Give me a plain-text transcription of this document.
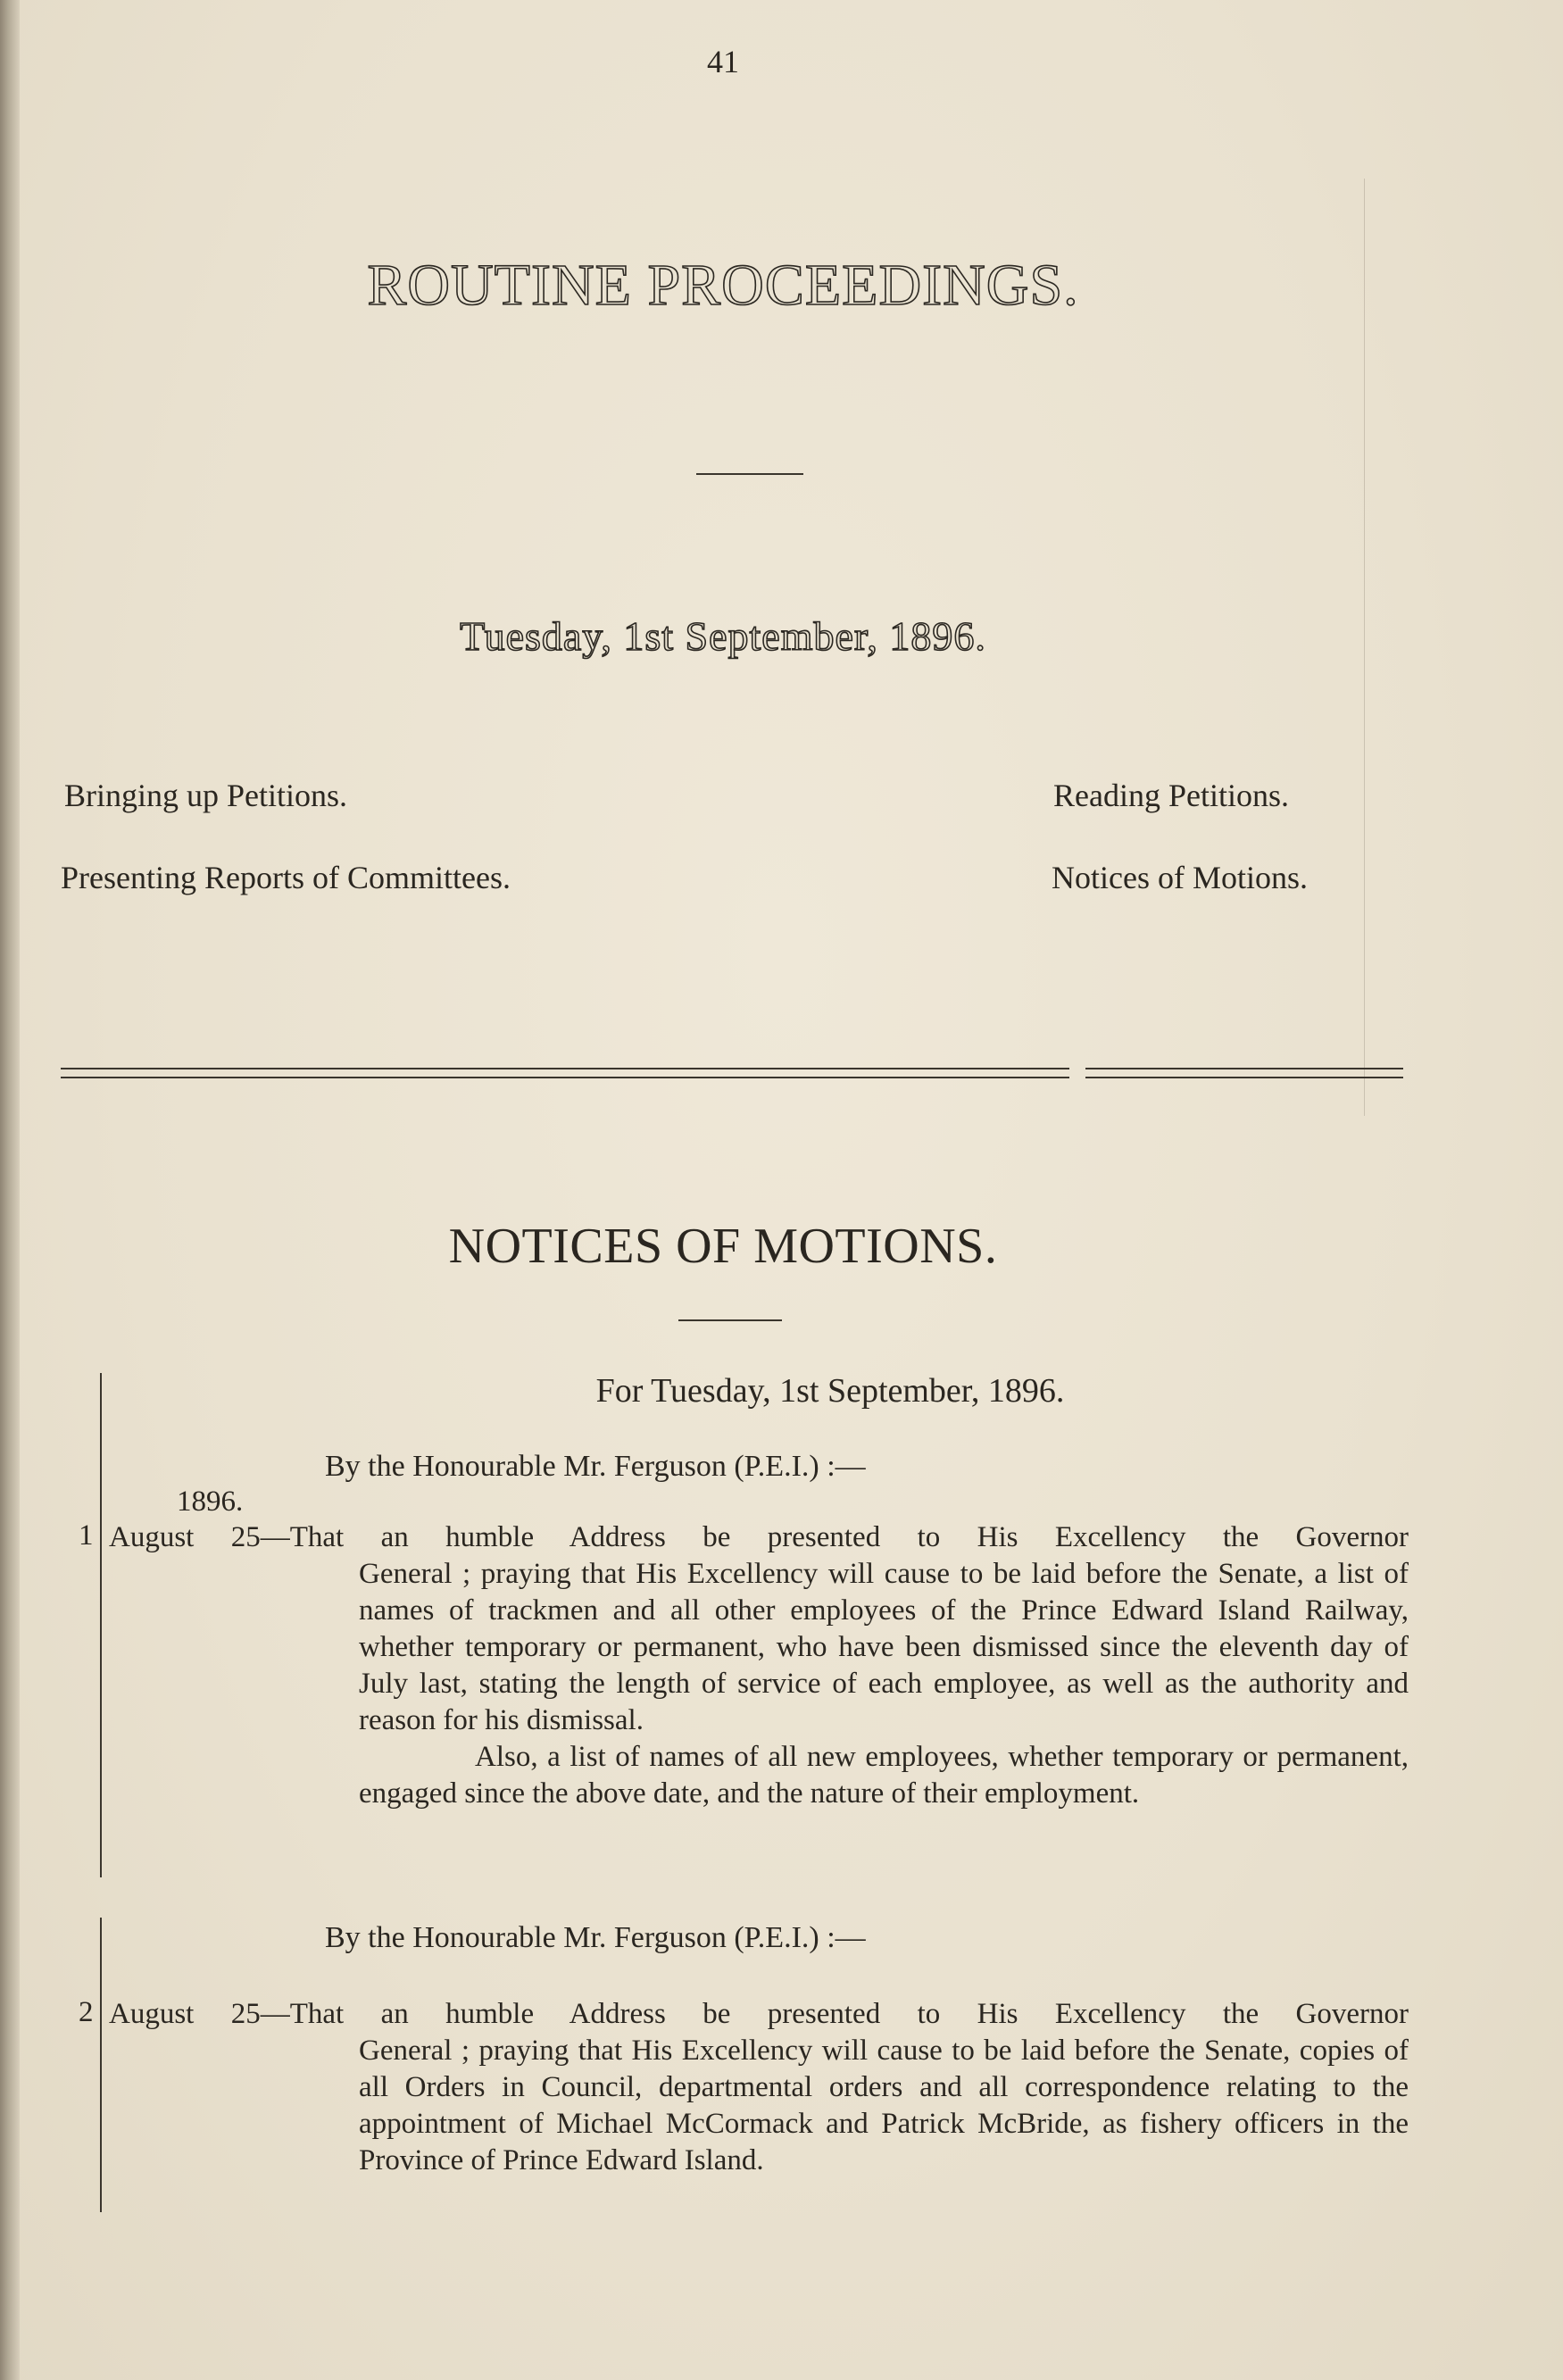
41
ROUTINE PROCEEDINGS.
Tuesday, 1st September, 1896.
Bringing up Petitions.	Reading Petitions.
Presenting Reports of Committees.	Notices of Motions.
NOTICES OF MOTIONS.
For Tuesday, 1st September, 1896.
By the Honourable Mr. Ferguson (P.E.I.) :—
1896.
1 August 25—That an humble Address be presented to His Excellency the Governor
General ; praying that His Excellency will cause to be laid before the Senate, a list of names of trackmen and all other employees of the Prince Edward Island Railway, whether temporary or permanent, who have been dismissed since the eleventh day of July last, stating the length of service of each employee, as well as the authority and reason for his dismissal.
Also, a list of names of all new employees, whether temporary or permanent, engaged since the above date, and the nature of their employment.
By the Honourable Mr. Ferguson (P.E.I.) :—
2 August 25—That an humble Address be presented to His Excellency the Governor
General ; praying that His Excellency will cause to be laid before the Senate, copies of all Orders in Council, departmental orders and all correspondence relating to the appointment of Michael McCormack and Patrick McBride, as fishery officers in the Province of Prince Edward Island.
